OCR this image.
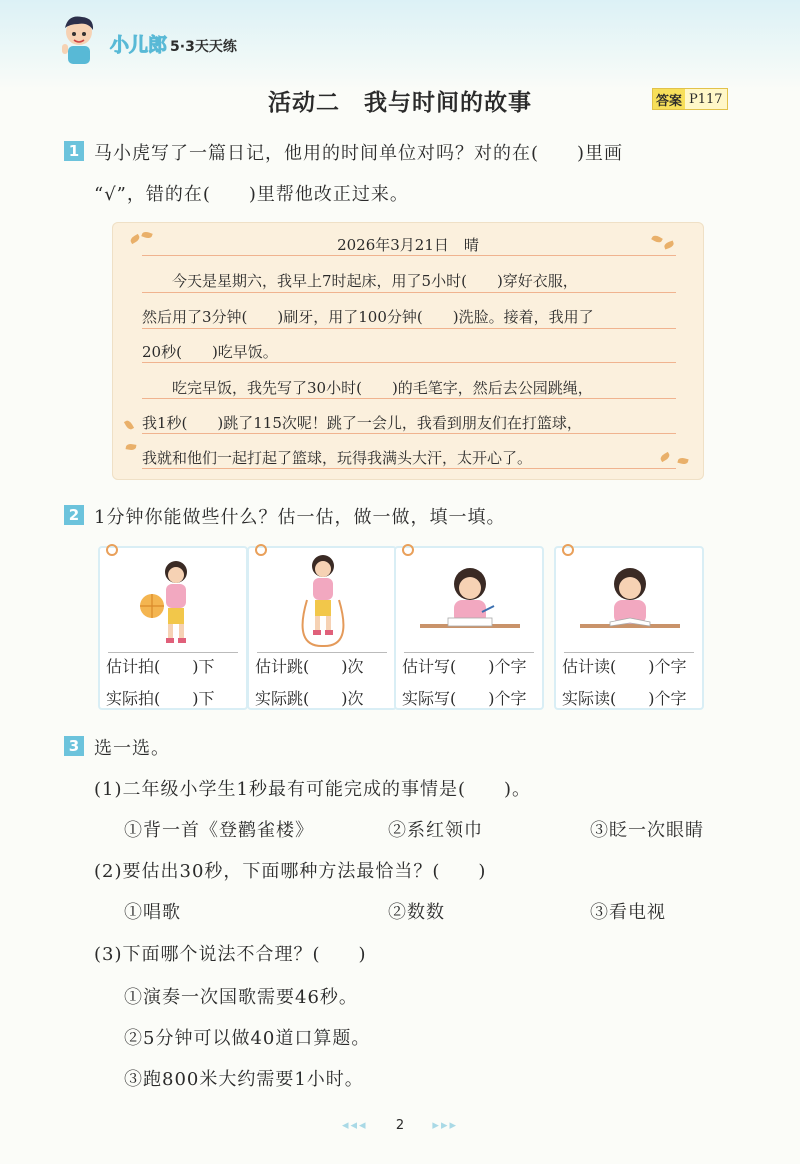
小儿郎 5·3天天练
活动二 我与时间的故事	答案 P117
1 马小虎写了一篇日记，他用的时间单位对吗？对的在(　　)里画
“√”，错的在(　　)里帮他改正过来。
2026年3月21日　晴
　　今天是星期六，我早上7时起床，用了5小时(　　)穿好衣服，
然后用了3分钟(　　)刷牙，用了100分钟(　　)洗脸。接着，我用了
20秒(　　)吃早饭。
　　吃完早饭，我先写了30小时(　　)的毛笔字，然后去公园跳绳，
我1秒(　　)跳了115次呢！跳了一会儿，我看到朋友们在打篮球，
我就和他们一起打起了篮球，玩得我满头大汗，太开心了。
2 1分钟你能做些什么？估一估，做一做，填一填。
估计拍(　　)下
实际拍(　　)下
估计跳(　　)次
实际跳(　　)次
估计写(　　)个字
实际写(　　)个字
估计读(　　)个字
实际读(　　)个字
3 选一选。
(1)二年级小学生1秒最有可能完成的事情是(　　)。
①背一首《登鹳雀楼》	②系红领巾	③眨一次眼睛
(2)要估出30秒，下面哪种方法最恰当？(　　)
①唱歌	②数数	③看电视
(3)下面哪个说法不合理？(　　)
①演奏一次国歌需要46秒。
②5分钟可以做40道口算题。
③跑800米大约需要1小时。
◂◂◂ 2 ▸▸▸
